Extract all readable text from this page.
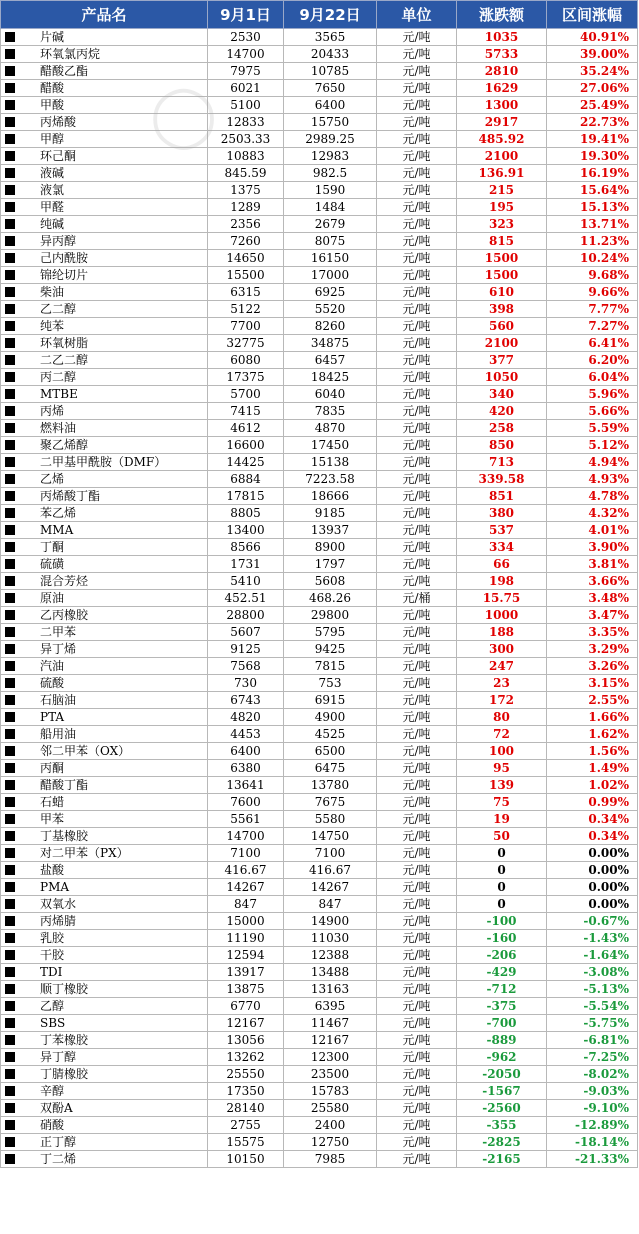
产品名	9月1日	9月22日	单位	涨跌额	区间涨幅
片碱	2530	3565	元/吨	1035	40.91%
环氧氯丙烷	14700	20433	元/吨	5733	39.00%
醋酸乙酯	7975	10785	元/吨	2810	35.24%
醋酸	6021	7650	元/吨	1629	27.06%
甲酸	5100	6400	元/吨	1300	25.49%
丙烯酸	12833	15750	元/吨	2917	22.73%
甲醇	2503.33	2989.25	元/吨	485.92	19.41%
环己酮	10883	12983	元/吨	2100	19.30%
液碱	845.59	982.5	元/吨	136.91	16.19%
液氯	1375	1590	元/吨	215	15.64%
甲醛	1289	1484	元/吨	195	15.13%
纯碱	2356	2679	元/吨	323	13.71%
异丙醇	7260	8075	元/吨	815	11.23%
己内酰胺	14650	16150	元/吨	1500	10.24%
锦纶切片	15500	17000	元/吨	1500	9.68%
柴油	6315	6925	元/吨	610	9.66%
乙二醇	5122	5520	元/吨	398	7.77%
纯苯	7700	8260	元/吨	560	7.27%
环氧树脂	32775	34875	元/吨	2100	6.41%
二乙二醇	6080	6457	元/吨	377	6.20%
丙二醇	17375	18425	元/吨	1050	6.04%
MTBE	5700	6040	元/吨	340	5.96%
丙烯	7415	7835	元/吨	420	5.66%
燃料油	4612	4870	元/吨	258	5.59%
聚乙烯醇	16600	17450	元/吨	850	5.12%
二甲基甲酰胺（DMF）	14425	15138	元/吨	713	4.94%
乙烯	6884	7223.58	元/吨	339.58	4.93%
丙烯酸丁酯	17815	18666	元/吨	851	4.78%
苯乙烯	8805	9185	元/吨	380	4.32%
MMA	13400	13937	元/吨	537	4.01%
丁酮	8566	8900	元/吨	334	3.90%
硫磺	1731	1797	元/吨	66	3.81%
混合芳烃	5410	5608	元/吨	198	3.66%
原油	452.51	468.26	元/桶	15.75	3.48%
乙丙橡胶	28800	29800	元/吨	1000	3.47%
二甲苯	5607	5795	元/吨	188	3.35%
异丁烯	9125	9425	元/吨	300	3.29%
汽油	7568	7815	元/吨	247	3.26%
硫酸	730	753	元/吨	23	3.15%
石脑油	6743	6915	元/吨	172	2.55%
PTA	4820	4900	元/吨	80	1.66%
船用油	4453	4525	元/吨	72	1.62%
邻二甲苯（OX）	6400	6500	元/吨	100	1.56%
丙酮	6380	6475	元/吨	95	1.49%
醋酸丁酯	13641	13780	元/吨	139	1.02%
石蜡	7600	7675	元/吨	75	0.99%
甲苯	5561	5580	元/吨	19	0.34%
丁基橡胶	14700	14750	元/吨	50	0.34%
对二甲苯（PX）	7100	7100	元/吨	0	0.00%
盐酸	416.67	416.67	元/吨	0	0.00%
PMA	14267	14267	元/吨	0	0.00%
双氧水	847	847	元/吨	0	0.00%
丙烯腈	15000	14900	元/吨	-100	-0.67%
乳胶	11190	11030	元/吨	-160	-1.43%
干胶	12594	12388	元/吨	-206	-1.64%
TDI	13917	13488	元/吨	-429	-3.08%
顺丁橡胶	13875	13163	元/吨	-712	-5.13%
乙醇	6770	6395	元/吨	-375	-5.54%
SBS	12167	11467	元/吨	-700	-5.75%
丁苯橡胶	13056	12167	元/吨	-889	-6.81%
异丁醇	13262	12300	元/吨	-962	-7.25%
丁腈橡胶	25550	23500	元/吨	-2050	-8.02%
辛醇	17350	15783	元/吨	-1567	-9.03%
双酚A	28140	25580	元/吨	-2560	-9.10%
硝酸	2755	2400	元/吨	-355	-12.89%
正丁醇	15575	12750	元/吨	-2825	-18.14%
丁二烯	10150	7985	元/吨	-2165	-21.33%
◯
